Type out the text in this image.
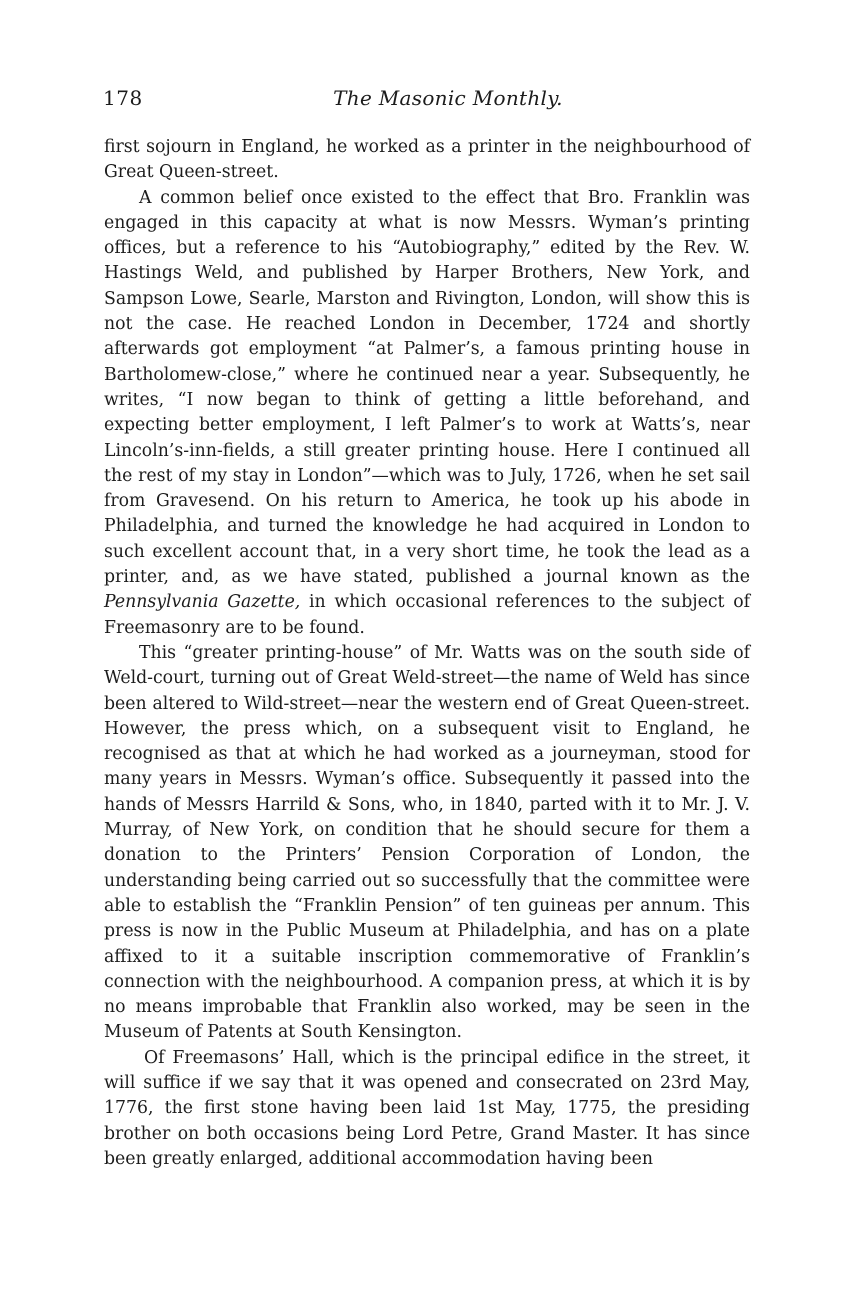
178	The Masonic Monthly.

first sojourn in England, he worked as a printer in the neighbourhood of Great Queen-street.

A common belief once existed to the effect that Bro. Franklin was engaged in this capacity at what is now Messrs. Wyman’s printing offices, but a reference to his “Autobiography,” edited by the Rev. W. Hastings Weld, and published by Harper Brothers, New York, and Sampson Lowe, Searle, Marston and Rivington, London, will show this is not the case. He reached London in December, 1724 and shortly afterwards got employment “at Palmer’s, a famous printing house in Bartholomew-close,” where he continued near a year. Subsequently, he writes, “I now began to think of getting a little beforehand, and expecting better employment, I left Palmer’s to work at Watts’s, near Lincoln’s-inn-fields, a still greater printing house. Here I continued all the rest of my stay in London”—which was to July, 1726, when he set sail from Gravesend. On his return to America, he took up his abode in Philadelphia, and turned the knowledge he had acquired in London to such excellent account that, in a very short time, he took the lead as a printer, and, as we have stated, published a journal known as the Pennsylvania Gazette, in which occasional references to the subject of Freemasonry are to be found.

This “greater printing-house” of Mr. Watts was on the south side of Weld-court, turning out of Great Weld-street—the name of Weld has since been altered to Wild-street—near the western end of Great Queen-street. However, the press which, on a subsequent visit to England, he recognised as that at which he had worked as a journeyman, stood for many years in Messrs. Wyman’s office. Subsequently it passed into the hands of Messrs Harrild & Sons, who, in 1840, parted with it to Mr. J. V. Murray, of New York, on condition that he should secure for them a donation to the Printers’ Pension Corporation of London, the understanding being carried out so successfully that the committee were able to establish the “Franklin Pension” of ten guineas per annum. This press is now in the Public Museum at Philadelphia, and has on a plate affixed to it a suitable inscription commemorative of Franklin’s connection with the neighbourhood. A companion press, at which it is by no means improbable that Franklin also worked, may be seen in the Museum of Patents at South Kensington.

Of Freemasons’ Hall, which is the principal edifice in the street, it will suffice if we say that it was opened and consecrated on 23rd May, 1776, the first stone having been laid 1st May, 1775, the presiding brother on both occasions being Lord Petre, Grand Master. It has since been greatly enlarged, additional accommodation having been
